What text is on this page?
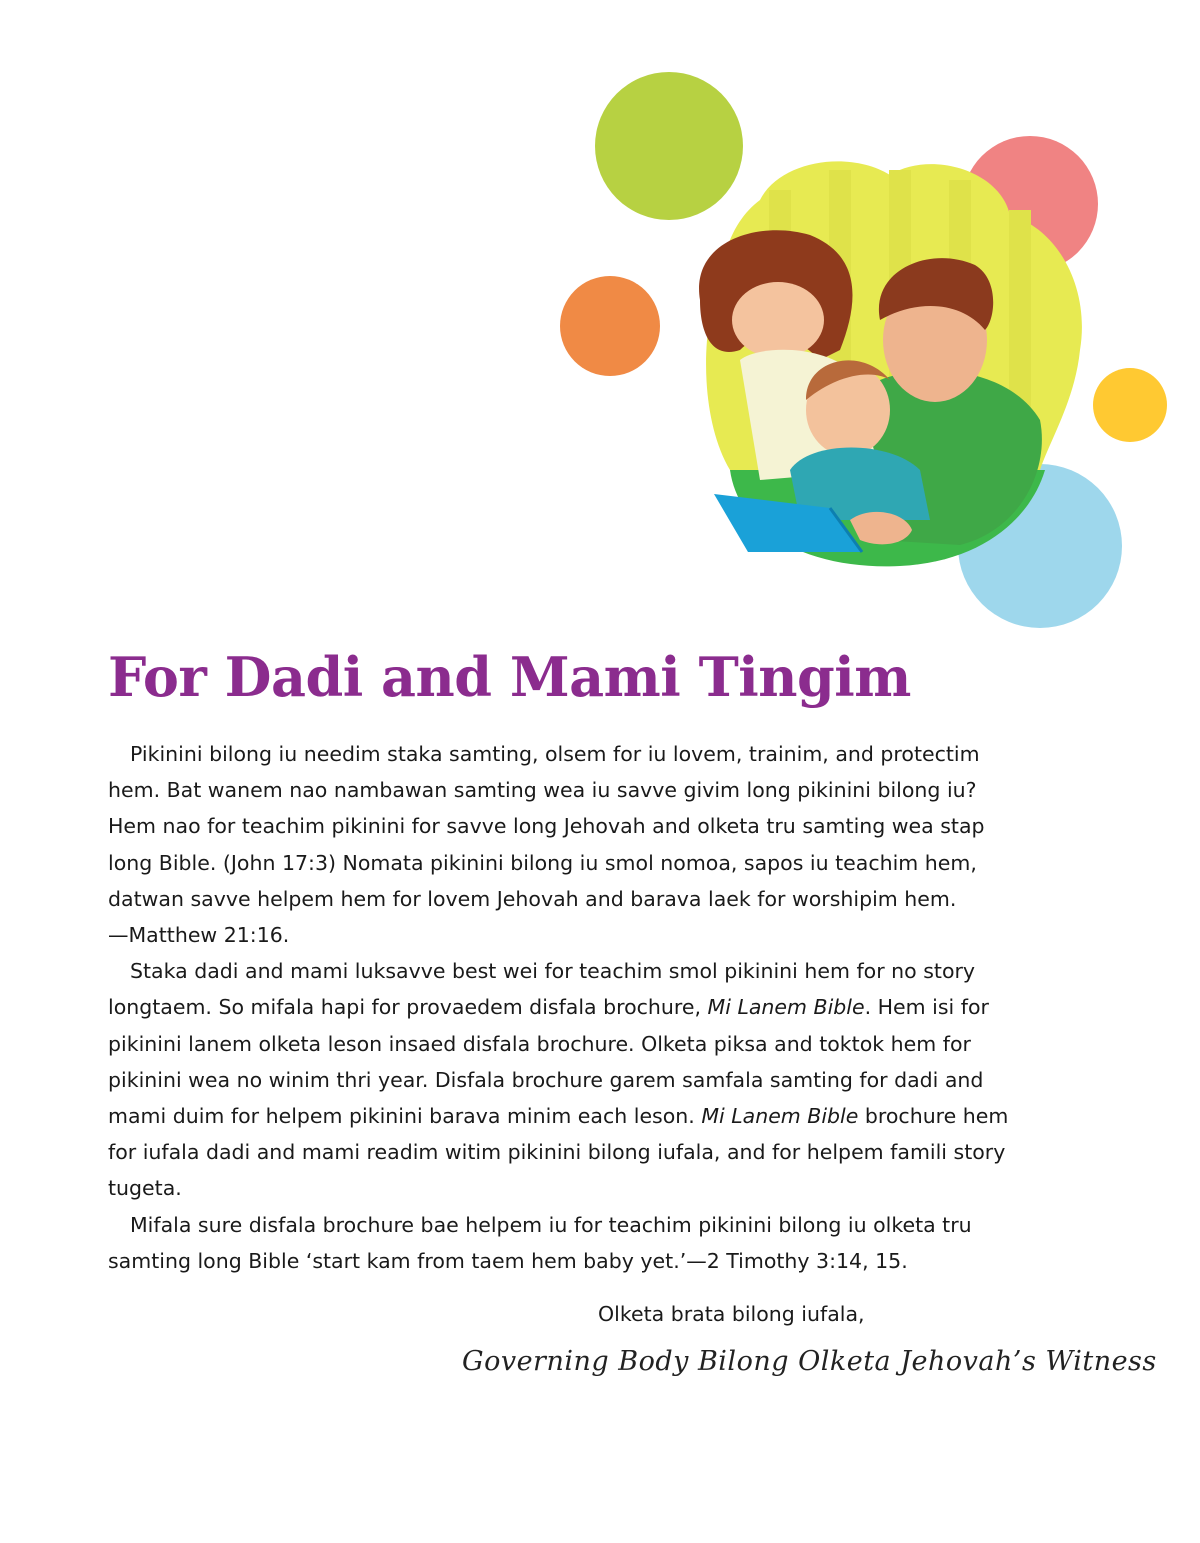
For Dadi and Mami Tingim

Pikinini bilong iu needim staka samting, olsem for iu lovem, trainim, and protectim
hem. Bat wanem nao nambawan samting wea iu savve givim long pikinini bilong iu?
Hem nao for teachim pikinini for savve long Jehovah and olketa tru samting wea stap
long Bible. (John 17:3) Nomata pikinini bilong iu smol nomoa, sapos iu teachim hem,
datwan savve helpem hem for lovem Jehovah and barava laek for worshipim hem.
—Matthew 21:16.

Staka dadi and mami luksavve best wei for teachim smol pikinini hem for no story
longtaem. So mifala hapi for provaedem disfala brochure, Mi Lanem Bible. Hem isi for
pikinini lanem olketa leson insaed disfala brochure. Olketa piksa and toktok hem for
pikinini wea no winim thri year. Disfala brochure garem samfala samting for dadi and
mami duim for helpem pikinini barava minim each leson. Mi Lanem Bible brochure hem
for iufala dadi and mami readim witim pikinini bilong iufala, and for helpem famili story
tugeta.

Mifala sure disfala brochure bae helpem iu for teachim pikinini bilong iu olketa tru
samting long Bible ‘start kam from taem hem baby yet.’—2 Timothy 3:14, 15.

Olketa brata bilong iufala,
Governing Body Bilong Olketa Jehovah’s Witness
